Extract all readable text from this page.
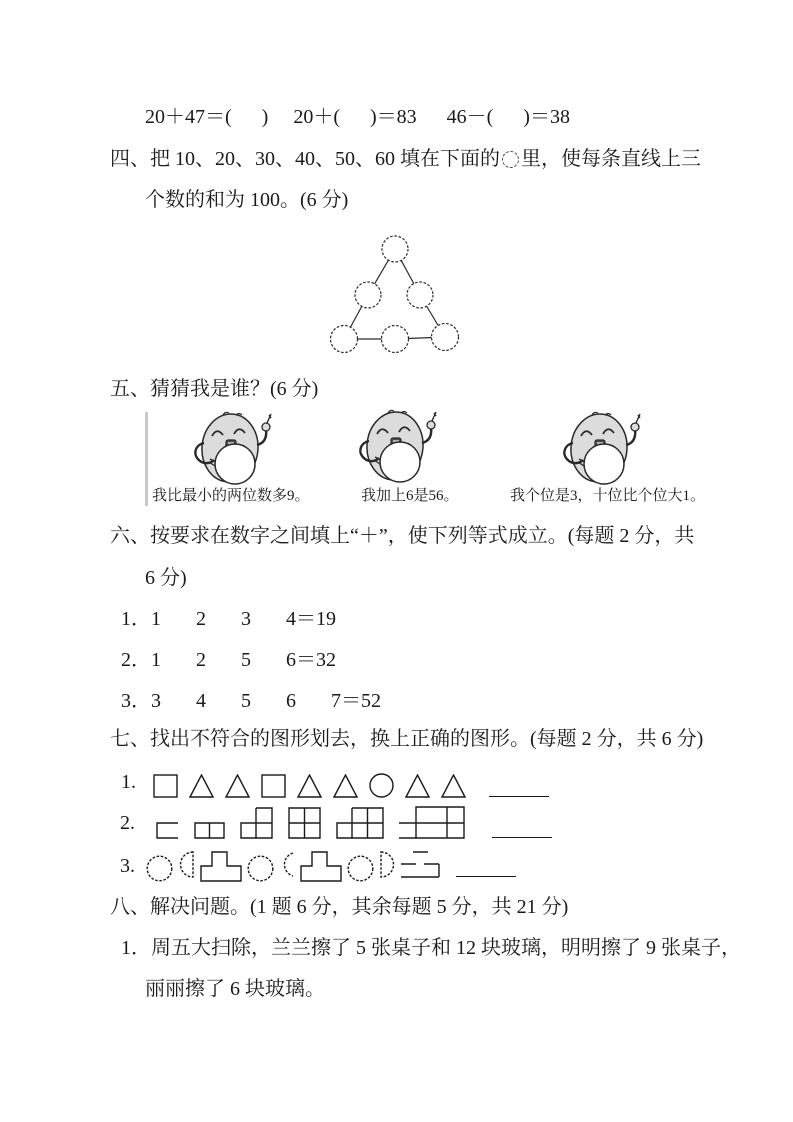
20＋47＝(      )     20＋(      )＝83      46－(      )＝38
四、把 10、20、30、40、50、60 填在下面的 里，使每条直线上三
个数的和为 100。(6 分)
五、猜猜我是谁？(6 分)
我比最小的两位数多9。	我加上6是56。	我个位是3，十位比个位大1。
六、按要求在数字之间填上“＋”，使下列等式成立。(每题 2 分，共
6 分)
1．1　   2　   3　   4＝19
2．1　   2　   5　   6＝32
3．3　   4　   5　   6　   7＝52
七、找出不符合的图形划去，换上正确的图形。(每题 2 分，共 6 分)
1.
2.
3.
八、解决问题。(1 题 6 分，其余每题 5 分，共 21 分)
1．周五大扫除，兰兰擦了 5 张桌子和 12 块玻璃，明明擦了 9 张桌子，
丽丽擦了 6 块玻璃。
